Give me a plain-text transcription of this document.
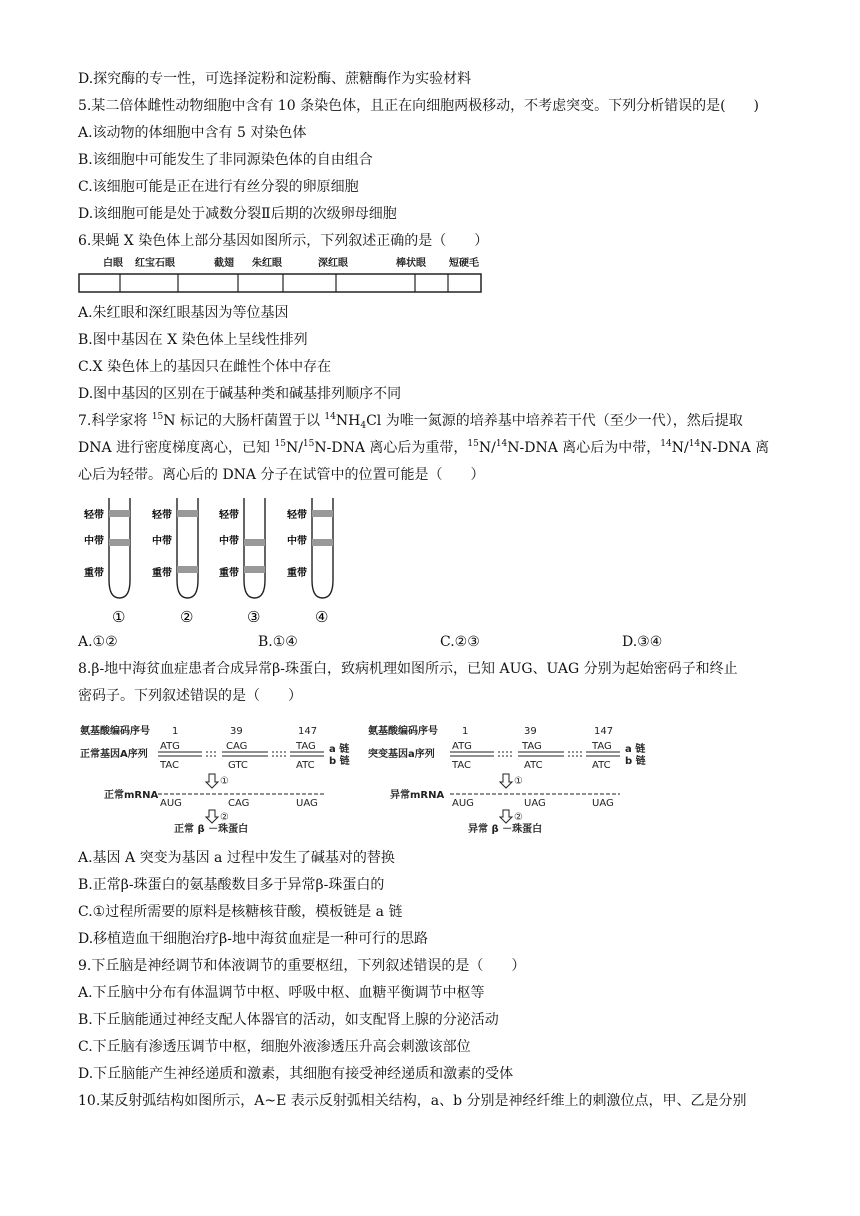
D.探究酶的专一性，可选择淀粉和淀粉酶、蔗糖酶作为实验材料
5.某二倍体雌性动物细胞中含有 10 条染色体，且正在向细胞两极移动，不考虑突变。下列分析错误的是(　　)
A.该动物的体细胞中含有 5 对染色体
B.该细胞中可能发生了非同源染色体的自由组合
C.该细胞可能是正在进行有丝分裂的卵原细胞
D.该细胞可能是处于减数分裂Ⅱ后期的次级卵母细胞
6.果蝇 X 染色体上部分基因如图所示，下列叙述正确的是（　　）
白眼 红宝石眼	截翅 朱红眼	深红眼	棒状眼 短硬毛
A.朱红眼和深红眼基因为等位基因
B.图中基因在 X 染色体上呈线性排列
C.X 染色体上的基因只在雌性个体中存在
D.图中基因的区别在于碱基种类和碱基排列顺序不同
7.科学家将 $^{15}$N 标记的大肠杆菌置于以 $^{14}NH_4Cl$ 为唯一氮源的培养基中培养若干代（至少一代），然后提取
DNA 进行密度梯度离心，已知 $^{15}$N/$^{15}$N-DNA 离心后为重带，$^{15}$N/$^{14}$N-DNA 离心后为中带，$^{14}$N/$^{14}$N-DNA 离
心后为轻带。离心后的 DNA 分子在试管中的位置可能是（　　）
轻带
中带
重带
轻带
中带
重带
轻带
中带
重带
轻带
中带
重带
①	②	③	④
A.①②	B.①④	C.②③	D.③④
8.β-地中海贫血症患者合成异常β-珠蛋白，致病机理如图所示，已知 AUG、UAG 分别为起始密码子和终止
密码子。下列叙述错误的是（　　）
氨基酸编码序号 1	39	147
正常基因A序列
ATG	CAG	TAG a 链
b 链
TAC	GTC	ATC
①
正常mRNA
AUG	CAG	UAG
②
正常 β －珠蛋白
氨基酸编码序号 1	39	147
突变基因a序列
ATG	TAG	TAG a 链
b 链
TAC	ATC	ATC
①
异常mRNA
AUG	UAG	UAG
②
异常 β －珠蛋白
A.基因 A 突变为基因 a 过程中发生了碱基对的替换
B.正常β-珠蛋白的氨基酸数目多于异常β-珠蛋白的
C.①过程所需要的原料是核糖核苷酸，模板链是 a 链
D.移植造血干细胞治疗β-地中海贫血症是一种可行的思路
9.下丘脑是神经调节和体液调节的重要枢纽，下列叙述错误的是（　　）
A.下丘脑中分布有体温调节中枢、呼吸中枢、血糖平衡调节中枢等
B.下丘脑能通过神经支配人体器官的活动，如支配肾上腺的分泌活动
C.下丘脑有渗透压调节中枢，细胞外液渗透压升高会刺激该部位
D.下丘脑能产生神经递质和激素，其细胞有接受神经递质和激素的受体
10.某反射弧结构如图所示，A~E 表示反射弧相关结构，a、b 分别是神经纤维上的刺激位点，甲、乙是分别
